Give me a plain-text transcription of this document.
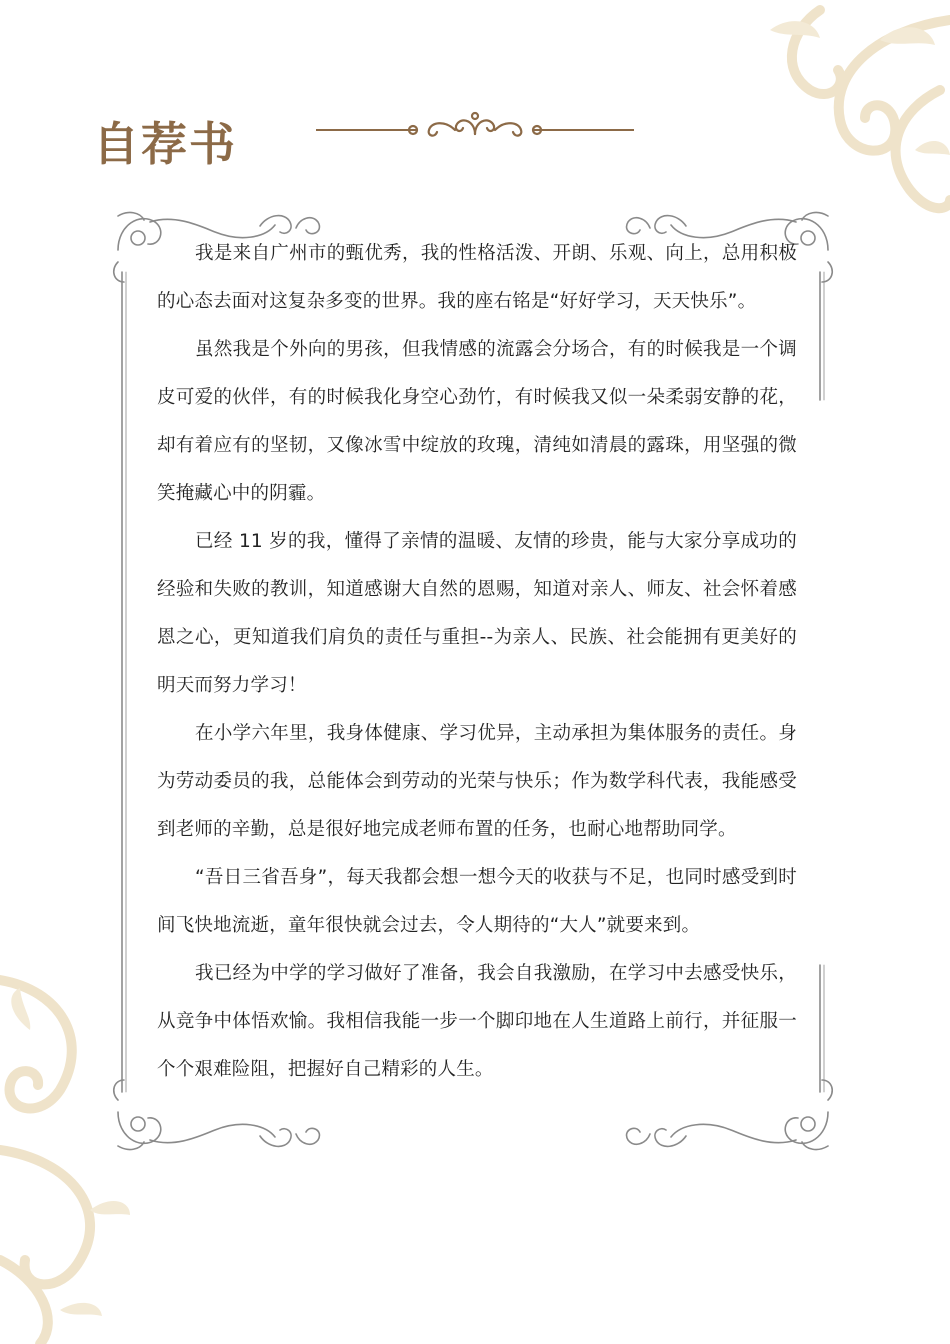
自荐书

我是来自广州市的甄优秀，我的性格活泼、开朗、乐观、向上，总用积极的心态去面对这复杂多变的世界。我的座右铭是“好好学习，天天快乐”。

虽然我是个外向的男孩，但我情感的流露会分场合，有的时候我是一个调皮可爱的伙伴，有的时候我化身空心劲竹，有时候我又似一朵柔弱安静的花，却有着应有的坚韧，又像冰雪中绽放的玫瑰，清纯如清晨的露珠，用坚强的微笑掩藏心中的阴霾。

已经 11 岁的我，懂得了亲情的温暖、友情的珍贵，能与大家分享成功的经验和失败的教训，知道感谢大自然的恩赐，知道对亲人、师友、社会怀着感恩之心，更知道我们肩负的责任与重担--为亲人、民族、社会能拥有更美好的明天而努力学习！

在小学六年里，我身体健康、学习优异，主动承担为集体服务的责任。身为劳动委员的我，总能体会到劳动的光荣与快乐；作为数学科代表，我能感受到老师的辛勤，总是很好地完成老师布置的任务，也耐心地帮助同学。

“吾日三省吾身”，每天我都会想一想今天的收获与不足，也同时感受到时间飞快地流逝，童年很快就会过去，令人期待的“大人”就要来到。

我已经为中学的学习做好了准备，我会自我激励，在学习中去感受快乐，从竞争中体悟欢愉。我相信我能一步一个脚印地在人生道路上前行，并征服一个个艰难险阻，把握好自己精彩的人生。
